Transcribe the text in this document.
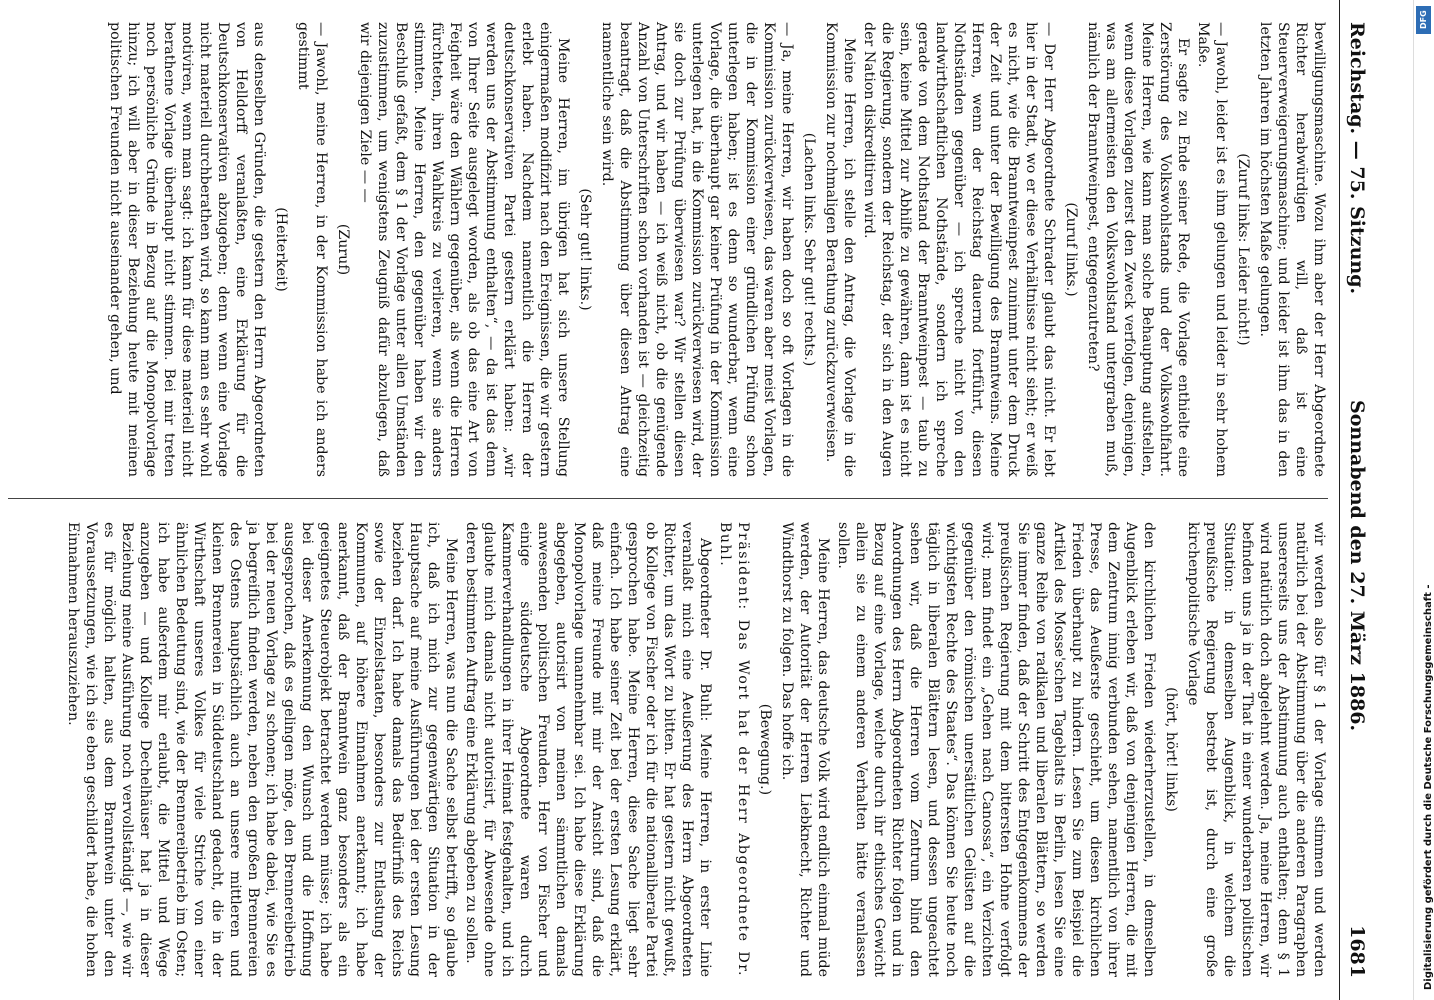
Reichstag. — 75. Sitzung.
Sonnabend den 27. März 1886.
1681

bewilligungsmaschine. Wozu ihm aber der Herr Abgeordnete Richter herabwürdigen will, daß ist eine Steuerverweigerungsmaschine; und leider ist ihm das in den letzten Jahren im höchsten Maße gelungen.

(Zuruf links: Leider nicht!)

— Jawohl, leider ist es ihm gelungen und leider in sehr hohem Maße.

Er sagte zu Ende seiner Rede, die Vorlage enthielte eine Zerstörung des Volkswohlstands und der Volkswohlfahrt. Meine Herren, wie kann man solche Behauptung aufstellen, wenn diese Vorlagen zuerst den Zweck verfolgen, denjenigen, was am allermeisten den Volkswohlstand untergraben muß, nämlich der Branntweinpest, entgegenzutreten?

(Zuruf links.)

— Der Herr Abgeordnete Schrader glaubt das nicht. Er lebt hier in der Stadt, wo er diese Verhältnisse nicht sieht; er weiß es nicht, wie die Branntweinpest zunimmt unter dem Druck der Zeit und unter der Bewilligung des Branntweins. Meine Herren, wenn der Reichstag dauernd fortführt, diesen Nothständen gegenüber — ich spreche nicht von den landwirthschaftlichen Nothstände, sondern ich spreche gerade von dem Nothstand der Branntweinpest — taub zu sein, keine Mittel zur Abhilfe zu gewähren, dann ist es nicht die Regierung, sondern der Reichstag, der sich in den Augen der Nation diskreditiren wird.

Meine Herren, ich stelle den Antrag, die Vorlage in die Kommission zur nochmaligen Berathung zurückzuverweisen.

(Lachen links. Sehr gut! rechts.)

— Ja, meine Herren, wir haben doch so oft Vorlagen in die Kommission zurückverwiesen, das waren aber meist Vorlagen, die in der Kommission einer gründlichen Prüfung schon unterlegen haben; ist es denn so wunderbar, wenn eine Vorlage, die überhaupt gar keiner Prüfung in der Kommission unterlegen hat, in die Kommission zurückverwiesen wird, der sie doch zur Prüfung überwiesen war? Wir stellen diesen Antrag, und wir haben — ich weiß nicht, ob die genügende Anzahl von Unterschriften schon vorhanden ist — gleichzeitig beantragt, daß die Abstimmung über diesen Antrag eine namentliche sein wird.

(Sehr gut! links.)

Meine Herren, im übrigen hat sich unsere Stellung einigermaßen modifizirt nach den Ereignissen, die wir gestern erlebt haben. Nachdem namentlich die Herren der deutschkonservativen Partei gestern erklärt haben: „wir werden uns der Abstimmung enthalten“, — da ist das denn von Ihrer Seite ausgelegt worden, als ob das eine Art von Feigheit wäre den Wählern gegenüber, als wenn die Herren fürchteten, ihren Wahlkreis zu verlieren, wenn sie anders stimmten. Meine Herren, den gegenüber haben wir den Beschluß gefaßt, dem § 1 der Vorlage unter allen Umständen zuzustimmen, um wenigstens Zeugniß dafür abzulegen, daß wir diejenigen Ziele — —

(Zuruf)

— Jawohl, meine Herren, in der Kommission habe ich anders gestimmt

(Heiterkeit)

aus denselben Gründen, die gestern den Herrn Abgeordneten von Helldorff veranlaßten, eine Erklärung für die Deutschkonservativen abzugeben; denn wenn eine Vorlage nicht materiell durchberathen wird, so kann man es sehr wohl motiviren, wenn man sagt: ich kann für diese materiell nicht berathene Vorlage überhaupt nicht stimmen. Bei mir treten noch persönliche Gründe in Bezug auf die Monopolvorlage hinzu; ich will aber in dieser Beziehung heute mit meinen politischen Freunden nicht auseinander gehen, und

wir werden also für § 1 der Vorlage stimmen und werden natürlich bei der Abstimmung über die anderen Paragraphen unsererseits uns der Abstimmung auch enthalten; denn § 1 wird natürlich doch abgelehnt werden. Ja, meine Herren, wir befinden uns ja in der That in einer wunderbaren politischen Situation: in demselben Augenblick, in welchem die preußische Regierung bestrebt ist, durch eine große kirchenpolitische Vorlage

(hört, hört! links)

den kirchlichen Frieden wiederherzustellen, in demselben Augenblick erleben wir, daß von denjenigen Herren, die mit dem Zentrum innig verbunden sehen, namentlich von ihrer Presse, das Aeußerste geschieht, um diesen kirchlichen Frieden überhaupt zu hindern. Lesen Sie zum Beispiel die Artikel des Mosse'schen Tageblatts in Berlin, lesen Sie eine ganze Reihe von radikalen und liberalen Blättern, so werden Sie immer finden, daß der Schritt des Entgegenkommens der preußischen Regierung mit dem bittersten Hohne verfolgt wird; man findet ein „Gehen nach Canossa“, ein Verzichten gegenüber den römischen unersättlichen Gelüsten auf die wichtigsten Rechte des Staates“. Das können Sie heute noch täglich in liberalen Blättern lesen, und dessen ungeachtet sehen wir, daß die Herren vom Zentrum blind den Anordnungen des Herrn Abgeordneten Richter folgen und in Bezug auf eine Vorlage, welche durch ihr ethisches Gewicht allein sie zu einem anderen Verhalten hätte veranlassen sollen.

Meine Herren, das deutsche Volk wird endlich einmal müde werden, der Autorität der Herren Liebknecht, Richter und Windthorst zu folgen. Das hoffe ich.

(Bewegung.)

Präsident: Das Wort hat der Herr Abgeordnete Dr. Buhl.

Abgeordneter Dr. Buhl: Meine Herren, in erster Linie veranlaßt mich eine Aeußerung des Herrn Abgeordneten Richter, um das Wort zu bitten. Er hat gestern nicht gewußt, ob Kollege von Fischer oder ich für die nationalliberale Partei gesprochen habe. Meine Herren, diese Sache liegt sehr einfach. Ich habe seiner Zeit bei der ersten Lesung erklärt, daß meine Freunde mit mir der Ansicht sind, daß die Monopolvorlage unannehmbar sei. Ich habe diese Erklärung abgegeben, autorisirt von meinen sämmtlichen damals anwesenden politischen Freunden. Herr von Fischer und einige süddeutsche Abgeordnete waren durch Kammerverhandlungen in ihrer Heimat festgehalten, und ich glaubte mich damals nicht autorisirt, für Abwesende ohne deren bestimmten Auftrag eine Erklärung abgeben zu sollen.

Meine Herren, was nun die Sache selbst betrifft, so glaube ich, daß ich mich zur gegenwärtigen Situation in der Hauptsache auf meine Ausführungen bei der ersten Lesung beziehen darf. Ich habe damals das Bedürfniß des Reichs sowie der Einzelstaaten, besonders zur Entlastung der Kommunen, auf höhere Einnahmen anerkannt; ich habe anerkannt, daß der Branntwein ganz besonders als ein geeignetes Steuerobjekt betrachtet werden müsse; ich habe bei dieser Anerkennung den Wunsch und die Hoffnung ausgesprochen, daß es gelingen möge, den Brennereibetrieb bei der neuen Vorlage zu schonen; ich habe dabei, wie Sie es ja begreiflich finden werden, neben den großen Brennereien des Ostens hauptsächlich auch an unsere mittleren und kleinen Brennereien in Süddeutschland gedacht, die in der Wirthschaft unseres Volkes für viele Striche von einer ähnlichen Bedeutung sind, wie der Brennereibetrieb im Osten; ich habe außerdem mir erlaubt, die Mittel und Wege anzugeben — und Kollege Dechelhäuser hat ja in dieser Beziehung meine Ausführung noch vervollständigt —, wie wir es für möglich halten, aus dem Branntwein unter den Voraussetzungen, wie ich sie eben geschildert habe, die hohen Einnahmen herauszuziehen.	Digitalisierung gefördert durch die Deutsche Forschungsgemeinschaft -
DFG
